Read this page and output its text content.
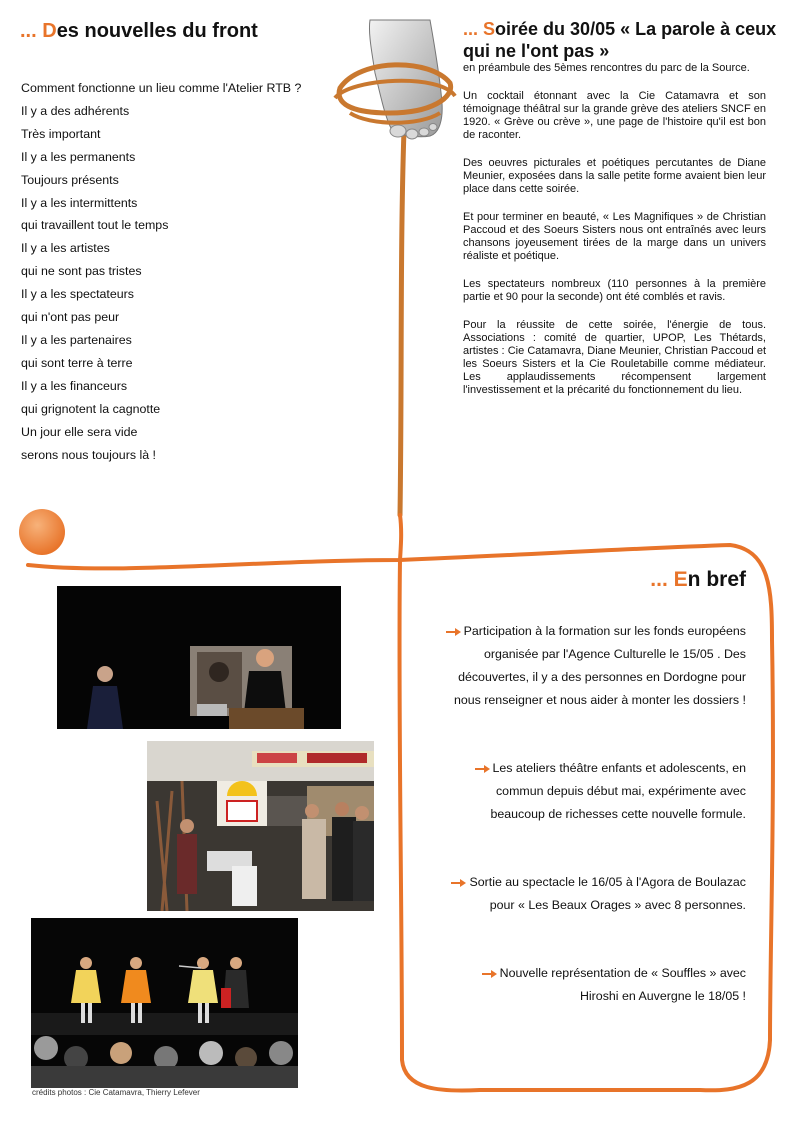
... Des nouvelles du front
Comment fonctionne un lieu comme l'Atelier RTB ?
Il y a des adhérents
Très important
Il y a les permanents
Toujours présents
Il y a les intermittents
qui travaillent tout le temps
Il y a les artistes
qui ne sont pas tristes
Il y a les spectateurs
qui n'ont pas peur
Il y a les partenaires
qui sont terre à terre
Il y a les financeurs
qui grignotent la cagnotte
Un jour elle sera vide
serons nous toujours là !
... Soirée du 30/05 « La parole à ceux qui ne l'ont pas »

en préambule des 5èmes rencontres du parc de la Source.

Un cocktail étonnant avec la Cie Catamavra et son témoignage théâtral sur la grande grève des ateliers SNCF en 1920. « Grève ou crève », une page de l'histoire qu'il est bon de raconter.

Des oeuvres picturales et poétiques percutantes de Diane Meunier, exposées dans la salle petite forme avaient bien leur place dans cette soirée.

Et pour terminer en beauté, « Les Magnifiques » de Christian Paccoud et des Soeurs Sisters nous ont entraînés avec leurs chansons joyeusement tirées de la marge dans un univers réaliste et poétique.

Les spectateurs nombreux (110 personnes à la première partie et 90 pour la seconde) ont été comblés et ravis.

Pour la réussite de cette soirée, l'énergie de tous. Associations : comité de quartier, UPOP, Les Thétards, artistes : Cie Catamavra, Diane Meunier, Christian Paccoud et les Soeurs Sisters et la Cie Rouletabille comme médiateur. Les applaudissements récompensent largement l'investissement et la précarité du fonctionnement du lieu.

... En bref
Participation à la formation sur les fonds européens
organisée par l'Agence Culturelle le 15/05 . Des
découvertes, il y a des personnes en Dordogne pour
nous renseigner et nous aider à monter les dossiers !
Les ateliers théâtre enfants et adolescents, en
commun depuis début mai, expérimente avec
beaucoup de richesses cette nouvelle formule.
Sortie au spectacle le 16/05 à l'Agora de Boulazac
pour « Les Beaux Orages » avec 8 personnes.
Nouvelle représentation de « Souffles » avec
Hiroshi en Auvergne le 18/05 !
crédits photos : Cie Catamavra, Thierry Lefever
